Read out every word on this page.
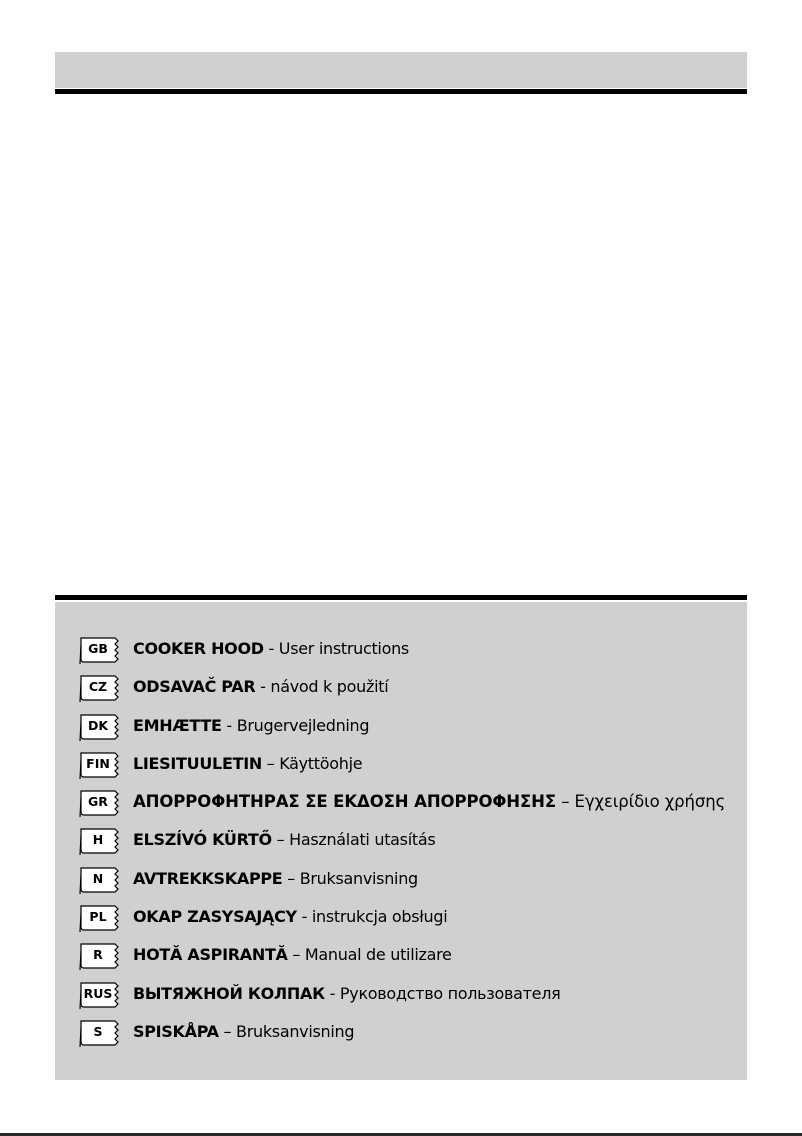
GB	COOKER HOOD - User instructions
CZ	ODSAVAČ PAR - návod k použití
DK	EMHÆTTE - Brugervejledning
FIN LIESITUULETIN – Käyttöohje
GR	ΑΠΟΡΡΟΦΗΤΗΡΑΣ ΣΕ ΕΚΔΟΣΗ ΑΠΟΡΡΟΦΗΣΗΣ – Εγχειρίδιο χρήσης
H	ELSZÍVÓ KÜRTŐ – Használati utasítás
N	AVTREKKSKAPPE – Bruksanvisning
PL	OKAP ZASYSAJĄCY - instrukcja obsługi
R	HOTĂ ASPIRANTĂ – Manual de utilizare
RUS ВЫТЯЖНОЙ КОЛПАК - Руководство пользователя
S	SPISKÅPA – Bruksanvisning
